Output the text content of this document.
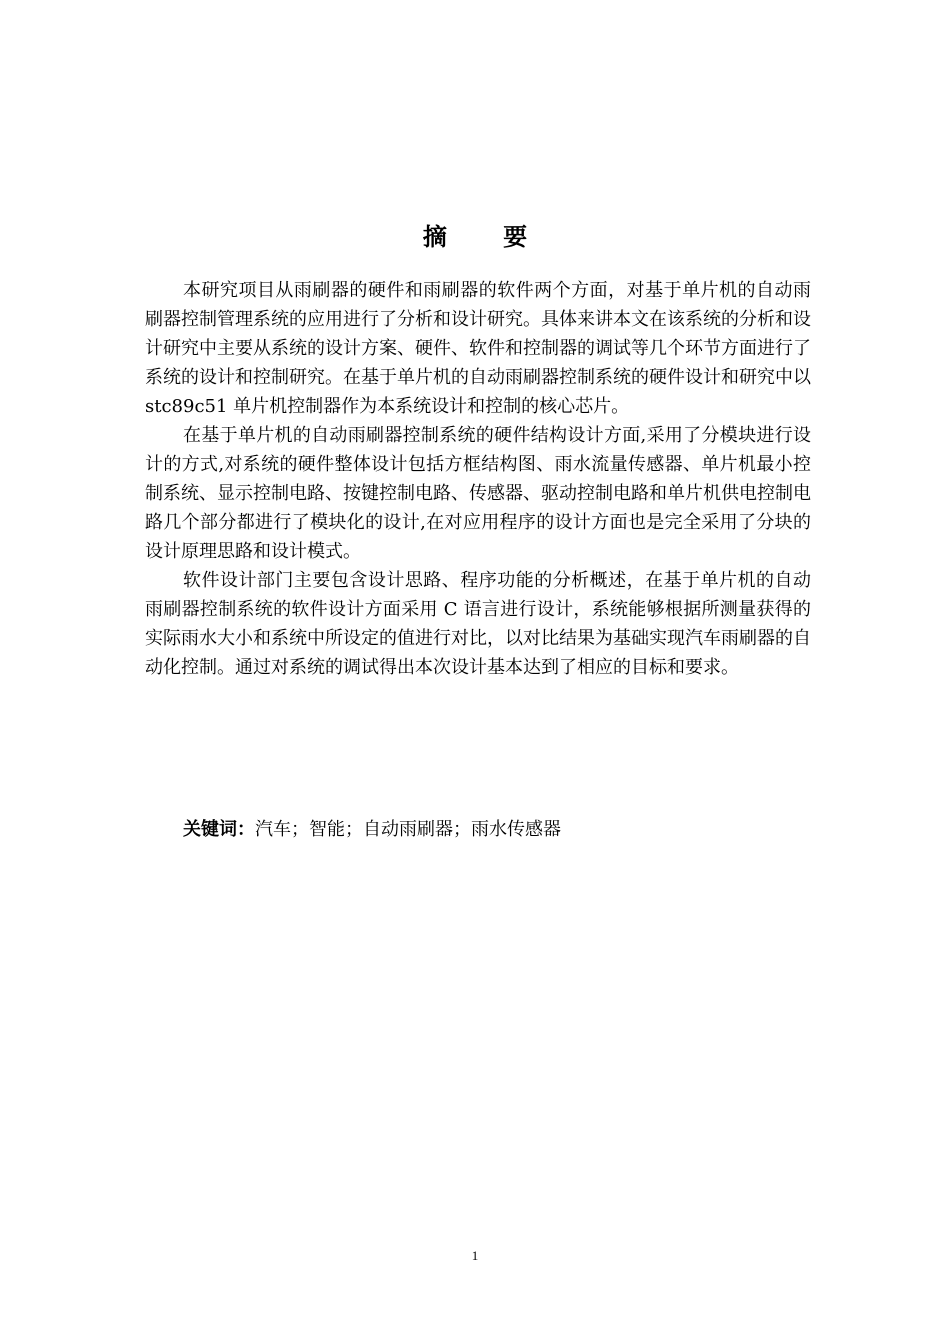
摘 要

本研究项目从雨刷器的硬件和雨刷器的软件两个方面，对基于单片机的自动雨刷器控制管理系统的应用进行了分析和设计研究。具体来讲本文在该系统的分析和设计研究中主要从系统的设计方案、硬件、软件和控制器的调试等几个环节方面进行了系统的设计和控制研究。在基于单片机的自动雨刷器控制系统的硬件设计和研究中以 stc89c51 单片机控制器作为本系统设计和控制的核心芯片。

在基于单片机的自动雨刷器控制系统的硬件结构设计方面,采用了分模块进行设计的方式,对系统的硬件整体设计包括方框结构图、雨水流量传感器、单片机最小控制系统、显示控制电路、按键控制电路、传感器、驱动控制电路和单片机供电控制电路几个部分都进行了模块化的设计,在对应用程序的设计方面也是完全采用了分块的设计原理思路和设计模式。

软件设计部门主要包含设计思路、程序功能的分析概述，在基于单片机的自动雨刷器控制系统的软件设计方面采用 C 语言进行设计，系统能够根据所测量获得的实际雨水大小和系统中所设定的值进行对比，以对比结果为基础实现汽车雨刷器的自动化控制。通过对系统的调试得出本次设计基本达到了相应的目标和要求。

关键词：汽车；智能；自动雨刷器；雨水传感器
1
